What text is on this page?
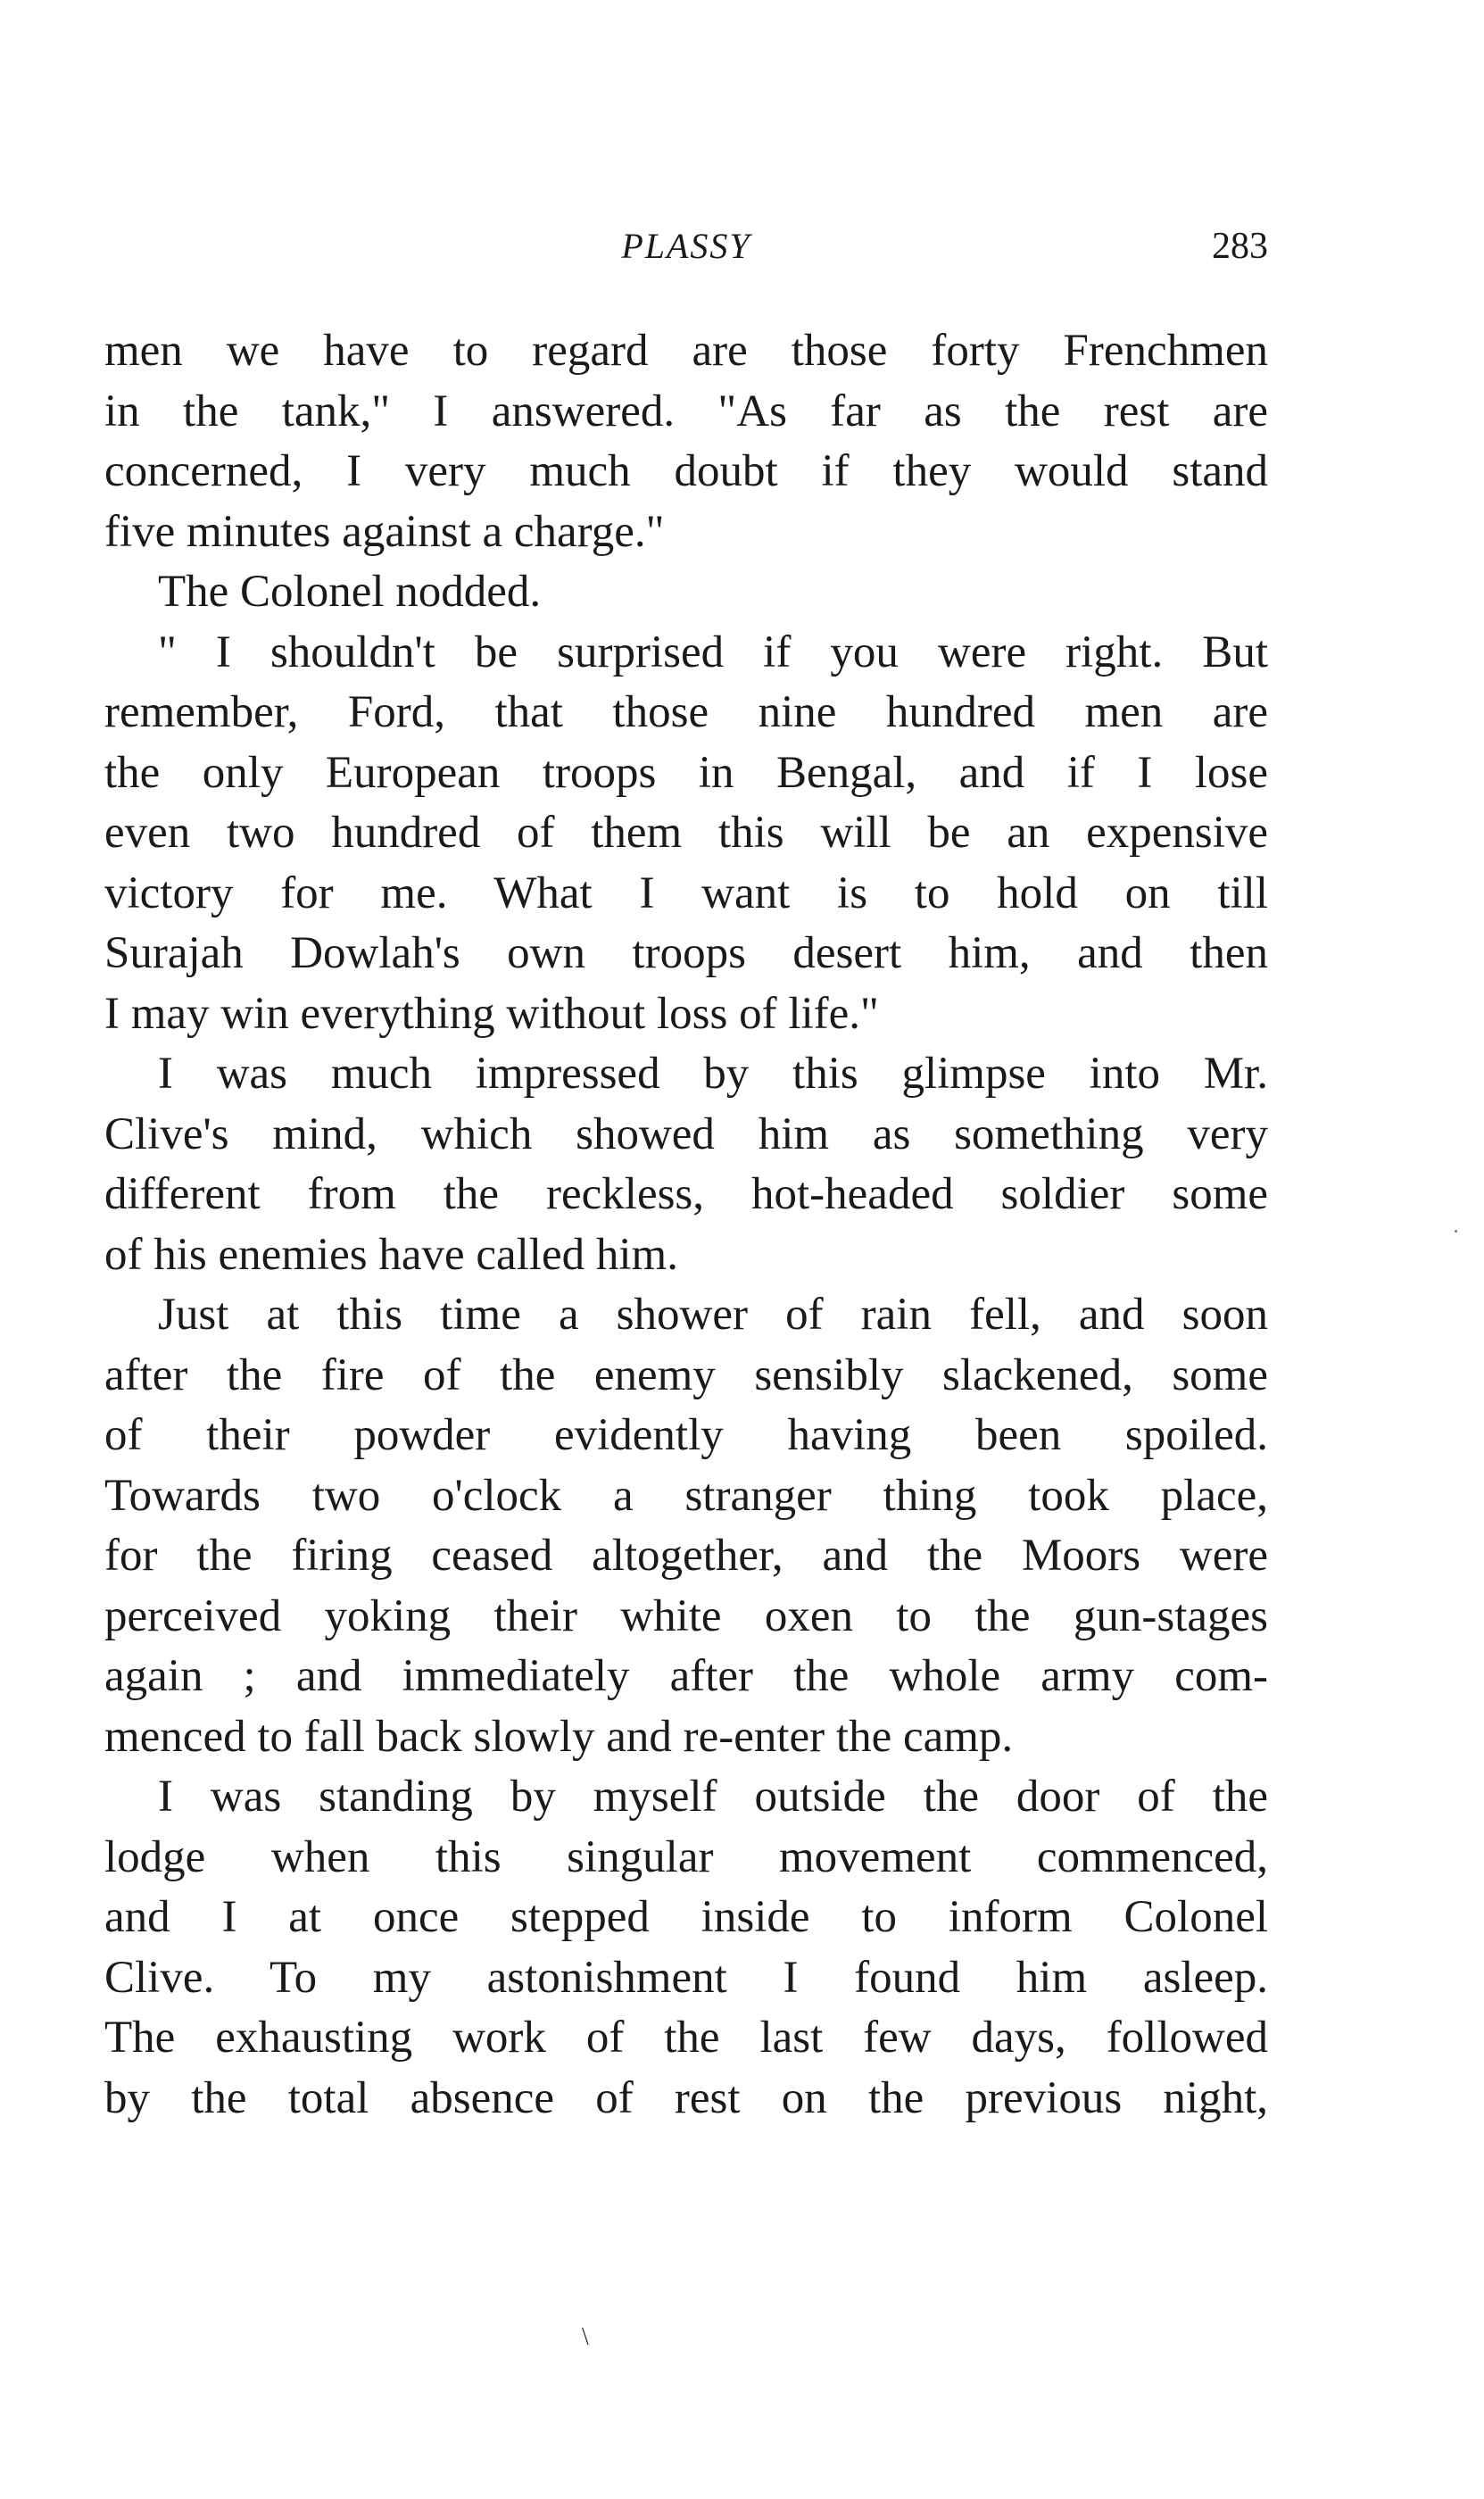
PLASSY	283
men we have to regard are those forty Frenchmen
in the tank," I answered. "As far as the rest are
concerned, I very much doubt if they would stand
five minutes against a charge."
The Colonel nodded.
" I shouldn't be surprised if you were right. But
remember, Ford, that those nine hundred men are
the only European troops in Bengal, and if I lose
even two hundred of them this will be an expensive
victory for me. What I want is to hold on till
Surajah Dowlah's own troops desert him, and then
I may win everything without loss of life."
I was much impressed by this glimpse into Mr.
Clive's mind, which showed him as something very
different from the reckless, hot-headed soldier some
of his enemies have called him.
Just at this time a shower of rain fell, and soon
after the fire of the enemy sensibly slackened, some
of their powder evidently having been spoiled.
Towards two o'clock a stranger thing took place,
for the firing ceased altogether, and the Moors were
perceived yoking their white oxen to the gun-stages
again ; and immediately after the whole army com-
menced to fall back slowly and re-enter the camp.
I was standing by myself outside the door of the
lodge when this singular movement commenced,
and I at once stepped inside to inform Colonel
Clive. To my astonishment I found him asleep.
The exhausting work of the last few days, followed
by the total absence of rest on the previous night,
\
